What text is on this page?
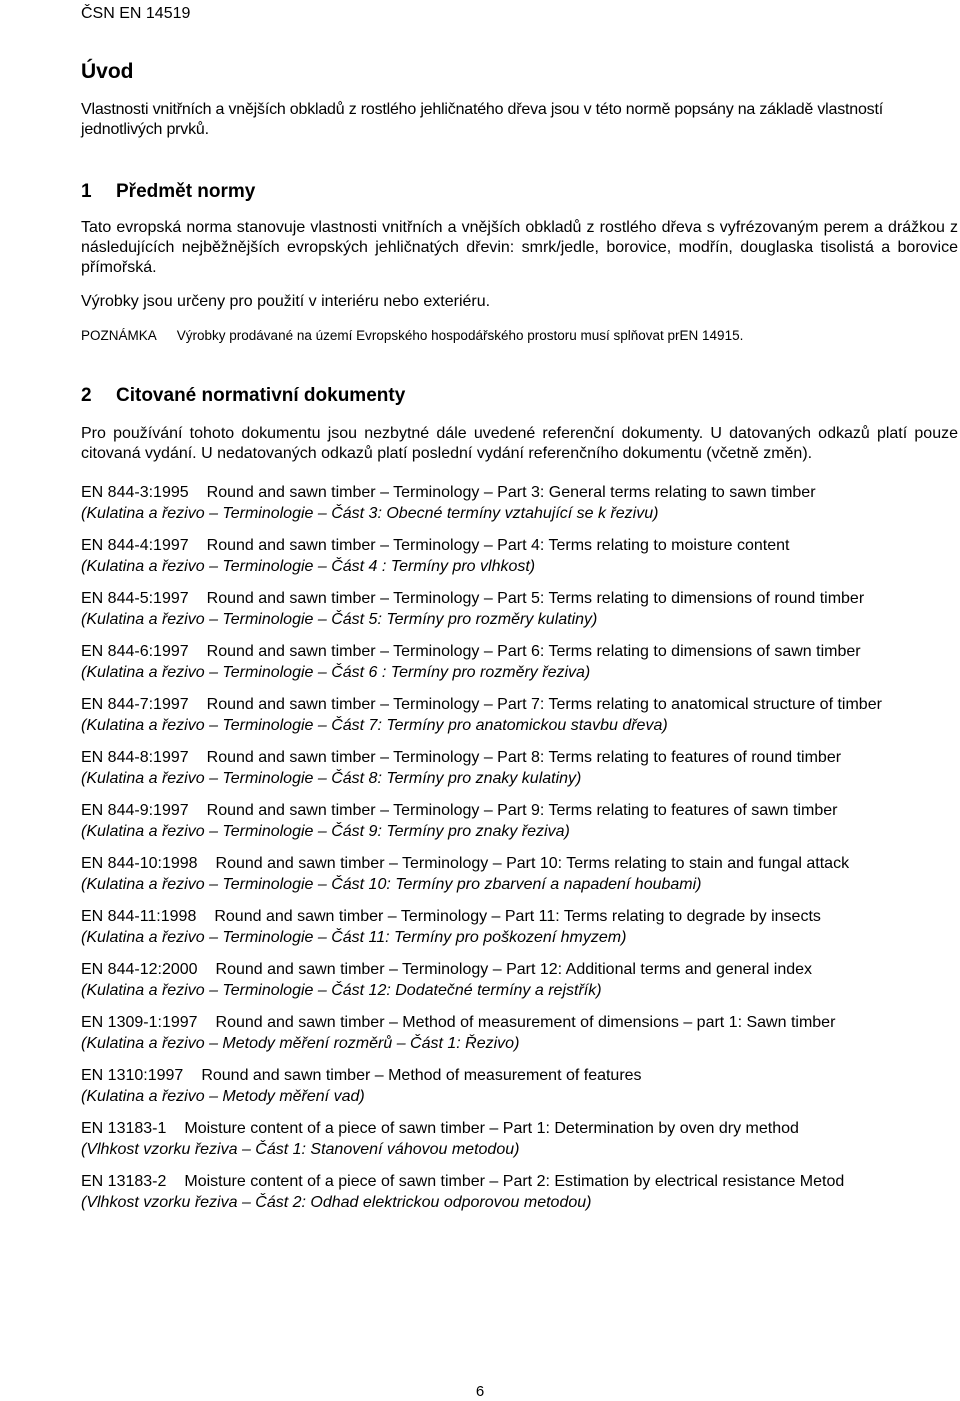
ČSN EN 14519
Úvod

Vlastnosti vnitřních a vnějších obkladů z rostlého jehličnatého dřeva jsou v této normě popsány na základě vlastností jednotlivých prvků.

1 Předmět normy

Tato evropská norma stanovuje vlastnosti vnitřních a vnějších obkladů z rostlého dřeva s vyfrézovaným perem a drážkou z následujících nejběžnějších evropských jehličnatých dřevin: smrk/jedle, borovice, modřín, douglaska tisolistá a borovice přímořská.

Výrobky jsou určeny pro použití v interiéru nebo exteriéru.

POZNÁMKA Výrobky prodávané na území Evropského hospodářského prostoru musí splňovat prEN 14915.

2 Citované normativní dokumenty

Pro používání tohoto dokumentu jsou nezbytné dále uvedené referenční dokumenty. U datovaných odkazů platí pouze citovaná vydání. U nedatovaných odkazů platí poslední vydání referenčního dokumentu (včetně změn).

EN 844-3:1995 Round and sawn timber – Terminology – Part 3: General terms relating to sawn timber
(Kulatina a řezivo – Terminologie – Část 3: Obecné termíny vztahující se k řezivu)
EN 844-4:1997 Round and sawn timber – Terminology – Part 4: Terms relating to moisture content
(Kulatina a řezivo – Terminologie – Část 4 : Termíny pro vlhkost)
EN 844-5:1997 Round and sawn timber – Terminology – Part 5: Terms relating to dimensions of round timber
(Kulatina a řezivo – Terminologie – Část 5: Termíny pro rozměry kulatiny)
EN 844-6:1997 Round and sawn timber – Terminology – Part 6: Terms relating to dimensions of sawn timber
(Kulatina a řezivo – Terminologie – Část 6 : Termíny pro rozměry řeziva)
EN 844-7:1997 Round and sawn timber – Terminology – Part 7: Terms relating to anatomical structure of timber
(Kulatina a řezivo – Terminologie – Část 7: Termíny pro anatomickou stavbu dřeva)
EN 844-8:1997 Round and sawn timber – Terminology – Part 8: Terms relating to features of round timber
(Kulatina a řezivo – Terminologie – Část 8: Termíny pro znaky kulatiny)
EN 844-9:1997 Round and sawn timber – Terminology – Part 9: Terms relating to features of sawn timber
(Kulatina a řezivo – Terminologie – Část 9: Termíny pro znaky řeziva)
EN 844-10:1998 Round and sawn timber – Terminology – Part 10: Terms relating to stain and fungal attack
(Kulatina a řezivo – Terminologie – Část 10: Termíny pro zbarvení a napadení houbami)
EN 844-11:1998 Round and sawn timber – Terminology – Part 11: Terms relating to degrade by insects
(Kulatina a řezivo – Terminologie – Část 11: Termíny pro poškození hmyzem)
EN 844-12:2000 Round and sawn timber – Terminology – Part 12: Additional terms and general index
(Kulatina a řezivo – Terminologie – Část 12: Dodatečné termíny a rejstřík)
EN 1309-1:1997 Round and sawn timber – Method of measurement of dimensions – part 1: Sawn timber
(Kulatina a řezivo – Metody měření rozměrů – Část 1: Řezivo)
EN 1310:1997 Round and sawn timber – Method of measurement of features
(Kulatina a řezivo – Metody měření vad)
EN 13183-1 Moisture content of a piece of sawn timber – Part 1: Determination by oven dry method
(Vlhkost vzorku řeziva – Část 1: Stanovení váhovou metodou)
EN 13183-2 Moisture content of a piece of sawn timber – Part 2: Estimation by electrical resistance Metod
(Vlhkost vzorku řeziva – Část 2: Odhad elektrickou odporovou metodou)
6
